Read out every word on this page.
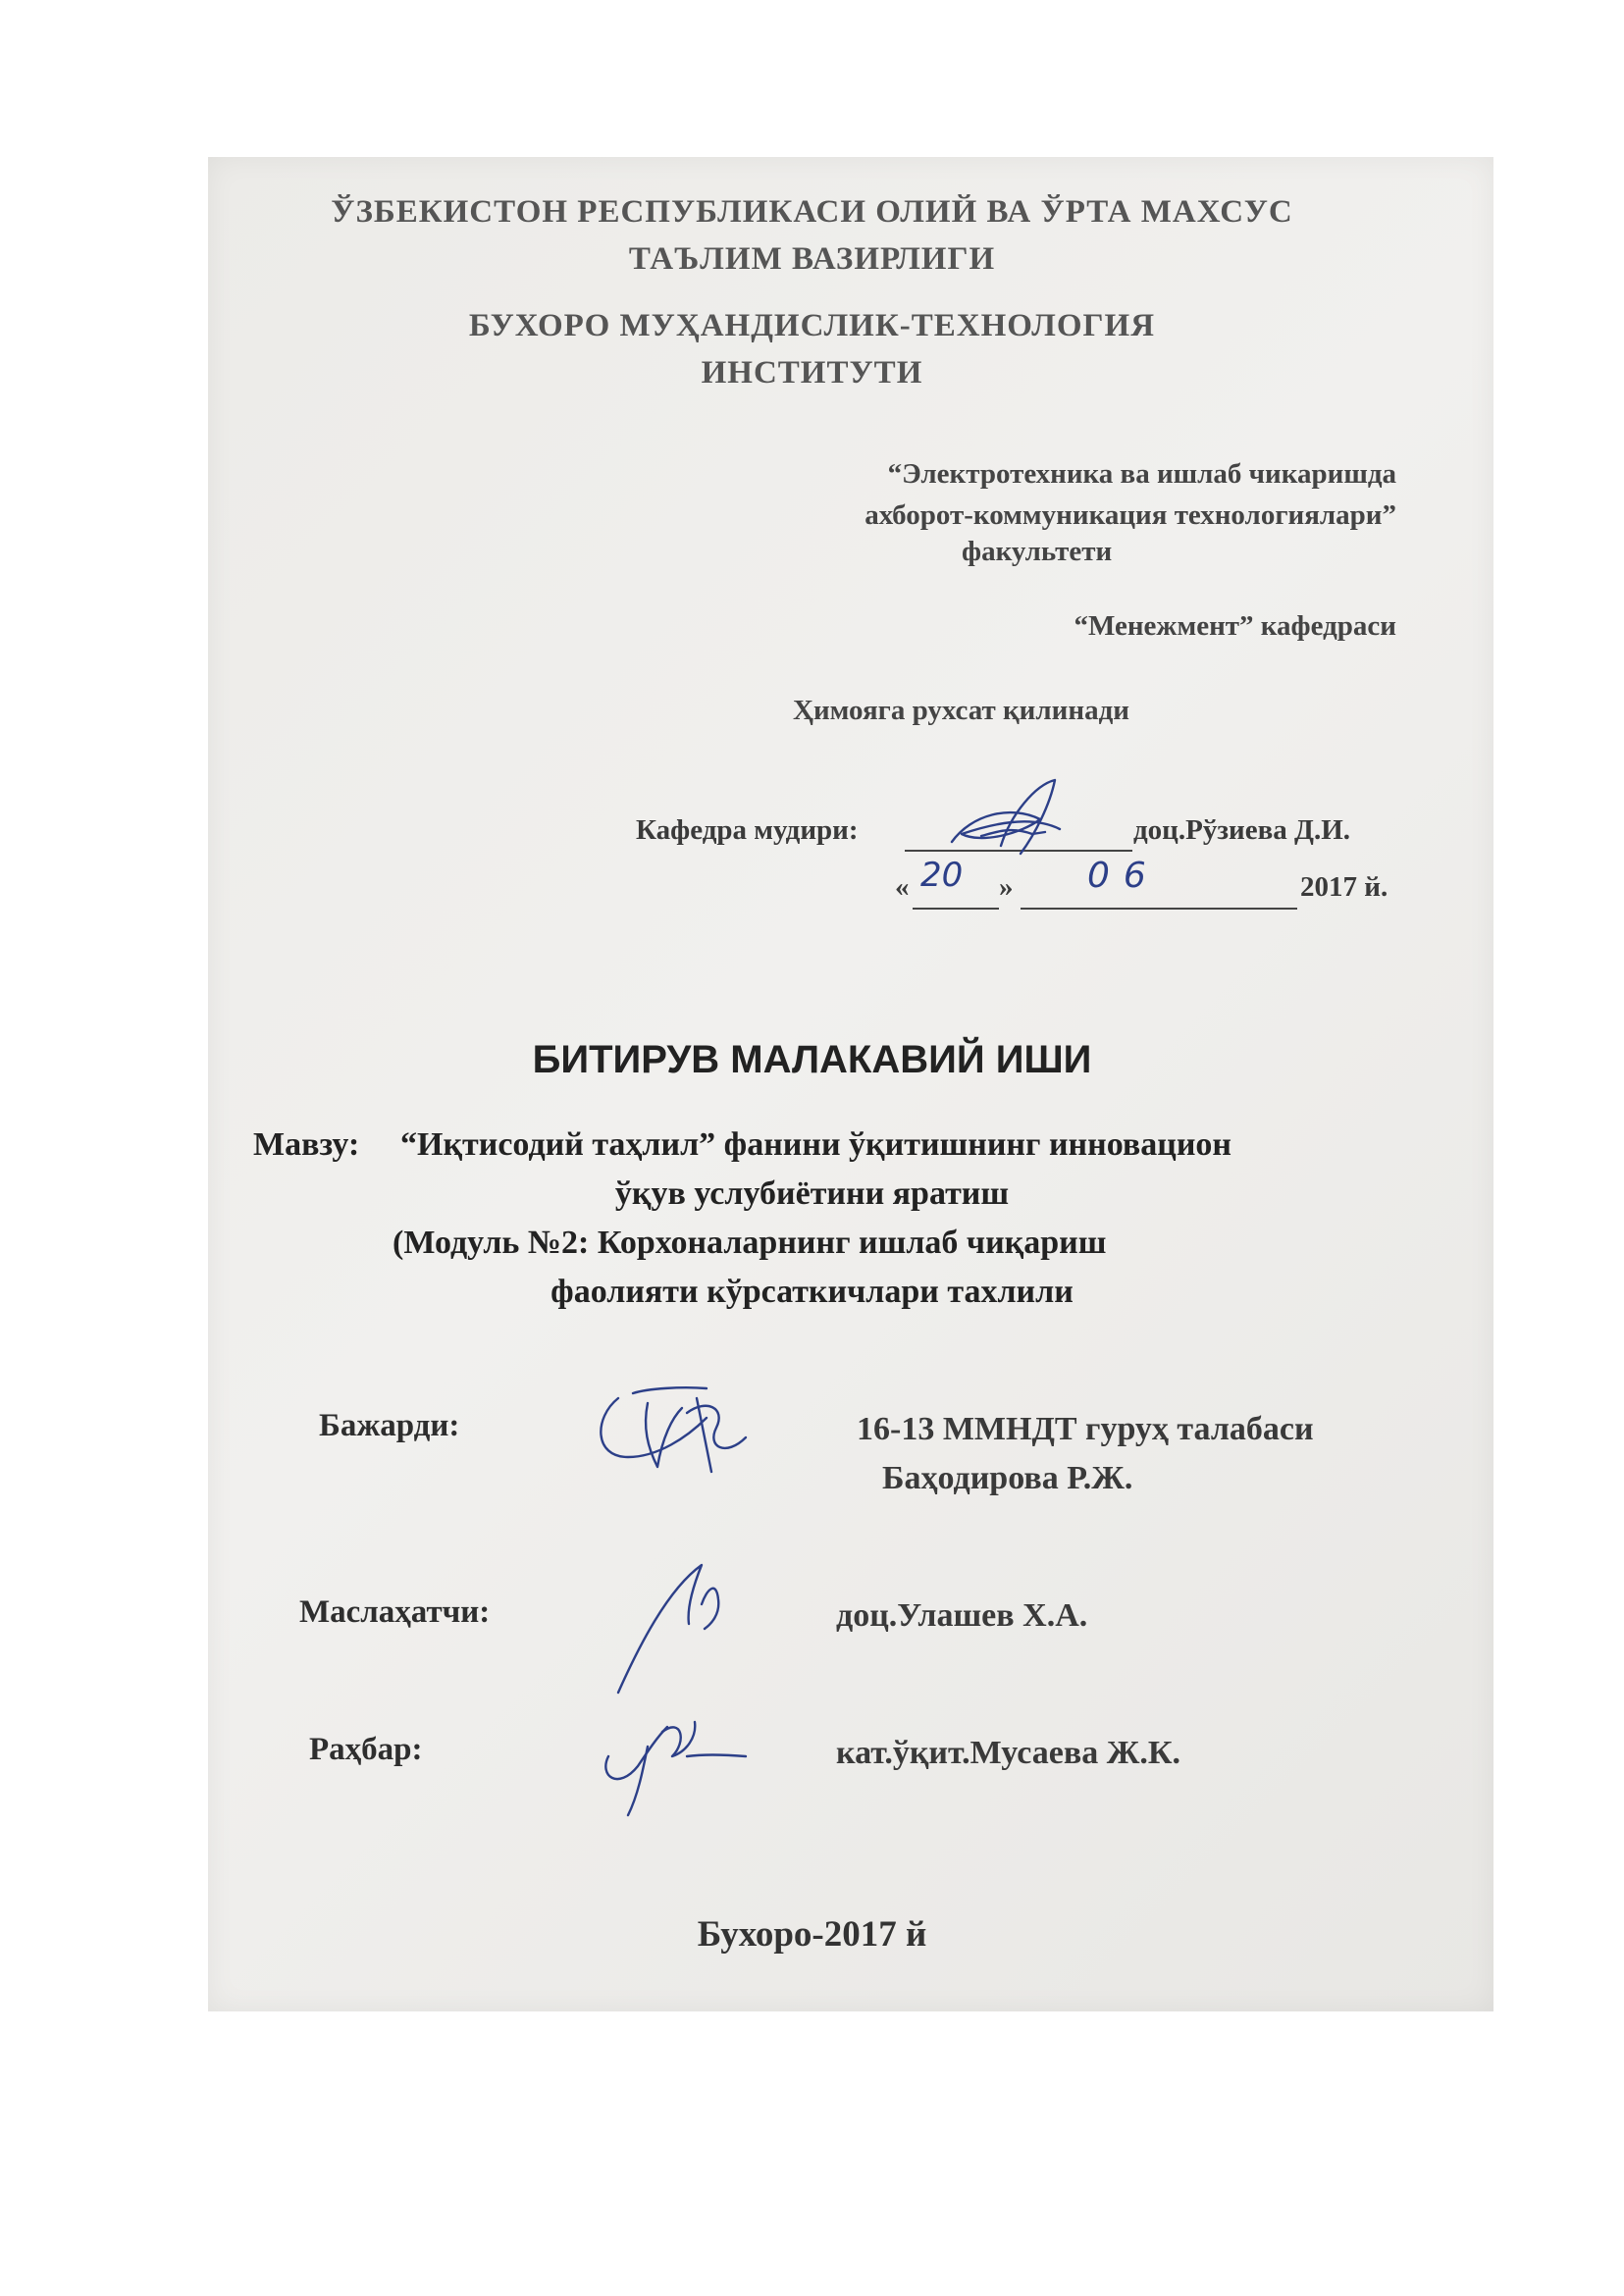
ЎЗБЕКИСТОН РЕСПУБЛИКАСИ ОЛИЙ ВА ЎРТА МАХСУС
ТАЪЛИМ ВАЗИРЛИГИ
БУХОРО МУҲАНДИСЛИК-ТЕХНОЛОГИЯ
ИНСТИТУТИ
“Электротехника ва ишлаб чикаришда
ахборот-коммуникация технологиялари”
факультети
“Менежмент” кафедраси
Ҳимояга рухсат қилинади
Кафедра мудири:	доц.Рўзиева Д.И.
« 20 » 06	2017 й.
БИТИРУВ МАЛАКАВИЙ ИШИ
Мавзу: “Иқтисодий таҳлил” фанини ўқитишнинг инновацион
ўқув услубиётини яратиш
(Модуль №2: Корхоналарнинг ишлаб чиқариш
фаолияти кўрсаткичлари тахлили
Бажарди:	16-13 ММНДТ гуруҳ талабаси
Баҳодирова Р.Ж.
Маслаҳатчи:	доц.Улашев Х.А.
Раҳбар:	кат.ўқит.Мусаева Ж.К.
Бухоро-2017 й
